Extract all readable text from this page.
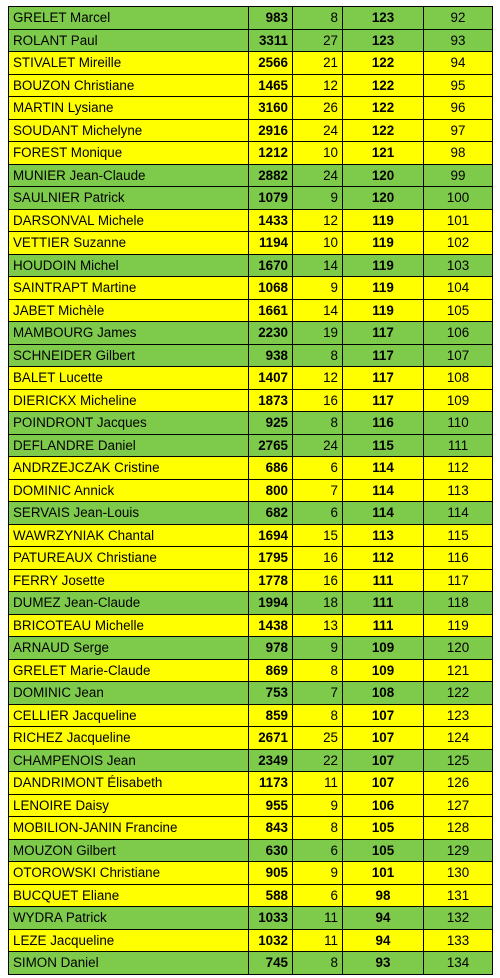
GRELET Marcel	983	8	123	92
ROLANT Paul	3311	27	123	93
STIVALET Mireille	2566	21	122	94
BOUZON Christiane	1465	12	122	95
MARTIN Lysiane	3160	26	122	96
SOUDANT Michelyne	2916	24	122	97
FOREST Monique	1212	10	121	98
MUNIER Jean-Claude	2882	24	120	99
SAULNIER Patrick	1079	9	120	100
DARSONVAL Michele	1433	12	119	101
VETTIER Suzanne	1194	10	119	102
HOUDOIN Michel	1670	14	119	103
SAINTRAPT Martine	1068	9	119	104
JABET Michèle	1661	14	119	105
MAMBOURG James	2230	19	117	106
SCHNEIDER Gilbert	938	8	117	107
BALET Lucette	1407	12	117	108
DIERICKX Micheline	1873	16	117	109
POINDRONT Jacques	925	8	116	110
DEFLANDRE Daniel	2765	24	115	111
ANDRZEJCZAK Cristine	686	6	114	112
DOMINIC Annick	800	7	114	113
SERVAIS Jean-Louis	682	6	114	114
WAWRZYNIAK Chantal	1694	15	113	115
PATUREAUX Christiane	1795	16	112	116
FERRY Josette	1778	16	111	117
DUMEZ Jean-Claude	1994	18	111	118
BRICOTEAU Michelle	1438	13	111	119
ARNAUD Serge	978	9	109	120
GRELET Marie-Claude	869	8	109	121
DOMINIC Jean	753	7	108	122
CELLIER Jacqueline	859	8	107	123
RICHEZ Jacqueline	2671	25	107	124
CHAMPENOIS Jean	2349	22	107	125
DANDRIMONT Élisabeth	1173	11	107	126
LENOIRE Daisy	955	9	106	127
MOBILION-JANIN Francine	843	8	105	128
MOUZON Gilbert	630	6	105	129
OTOROWSKI Christiane	905	9	101	130
BUCQUET Eliane	588	6	98	131
WYDRA Patrick	1033	11	94	132
LEZE Jacqueline	1032	11	94	133
SIMON Daniel	745	8	93	134
